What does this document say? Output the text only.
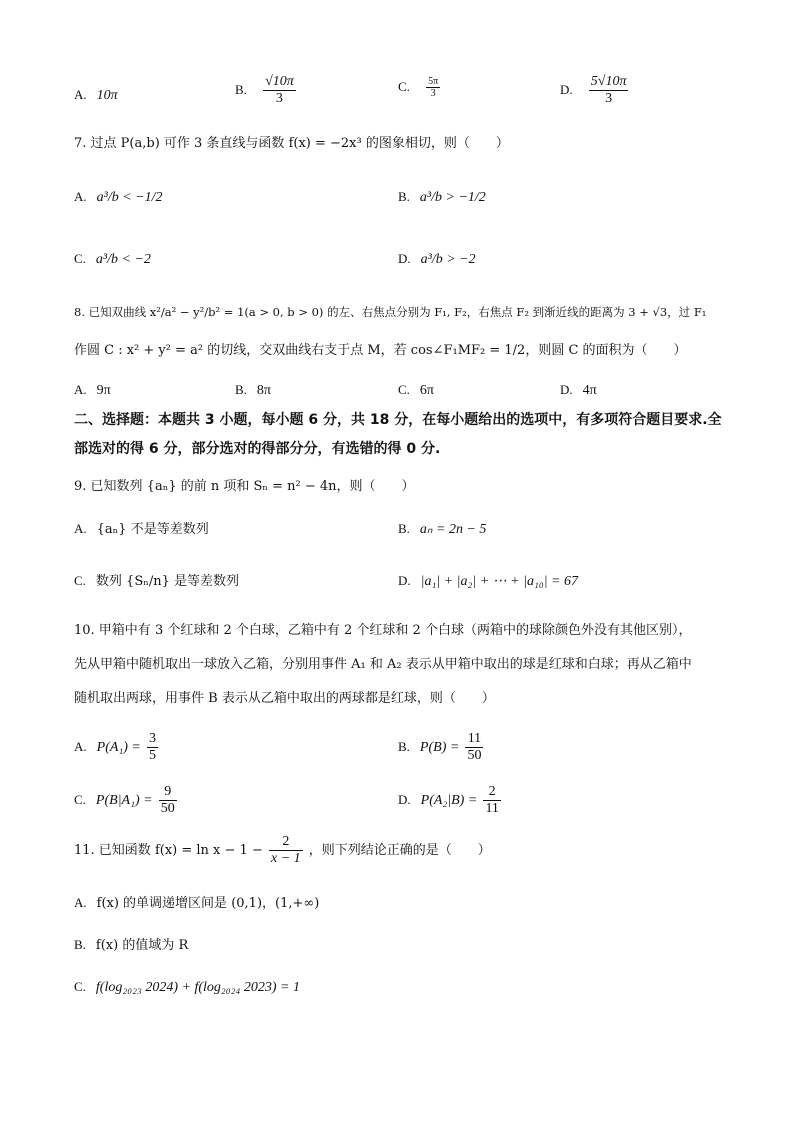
A. 10π	B. $\frac{√10\pi}{3}$	C. $\frac{5\pi}{3}$	D. $\frac{5√10\pi}{3}$
7. 过点 P(a,b) 可作 3 条直线与函数 f(x) = −2x³ 的图象相切，则（　　）
A. a³/b < −1/2	B. a³/b > −1/2
C. a³/b < −2	D. a³/b > −2
8. 已知双曲线 x²/a² − y²/b² = 1(a > 0, b > 0) 的左、右焦点分别为 F₁, F₂，右焦点 F₂ 到渐近线的距离为 3 + √3，过 F₁
作圆 C : x² + y² = a² 的切线，交双曲线右支于点 M，若 cos∠F₁MF₂ = 1/2，则圆 C 的面积为（　　）
A. 9π	B. 8π	C. 6π	D. 4π
二、选择题：本题共 3 小题，每小题 6 分，共 18 分，在每小题给出的选项中，有多项符合题目要求.全部选对的得 6 分，部分选对的得部分分，有选错的得 0 分.
9. 已知数列 {aₙ} 的前 n 项和 Sₙ = n² − 4n，则（　　）
A. {aₙ} 不是等差数列	B. aₙ = 2n − 5
C. 数列 {Sₙ/n} 是等差数列	D. |a₁| + |a₂| + ⋯ + |a₁₀| = 67
10. 甲箱中有 3 个红球和 2 个白球，乙箱中有 2 个红球和 2 个白球（两箱中的球除颜色外没有其他区别），
先从甲箱中随机取出一球放入乙箱，分别用事件 A₁ 和 A₂ 表示从甲箱中取出的球是红球和白球；再从乙箱中
随机取出两球，用事件 B 表示从乙箱中取出的两球都是红球，则（　　）
A. $P(A_1) = \frac{3}{5}$	B. $P(B) = \frac{11}{50}$
C. $P(B|A_1) = \frac{9}{50}$	D. $P(A_2|B) = \frac{2}{11}$
11. 已知函数 $f(x) = \ln x - 1 - \frac{2}{x - 1}$ ，则下列结论正确的是（　　）
A. f(x) 的单调递增区间是 (0,1)，(1,+∞)
B. f(x) 的值域为 R
C. f(log₂₀₂₃ 2024) + f(log₂₀₂₄ 2023) = 1
